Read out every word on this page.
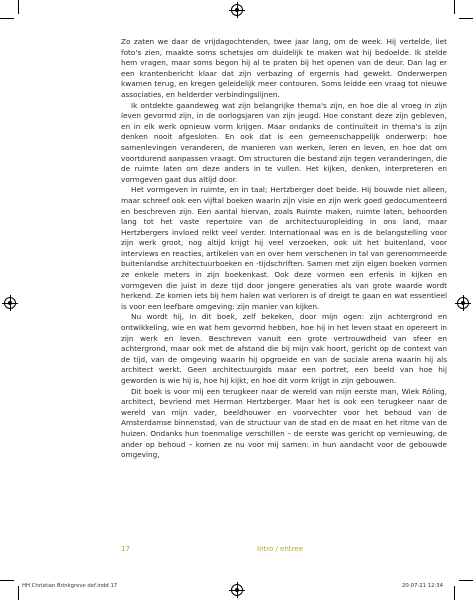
Zo zaten we daar de vrijdagochtenden, twee jaar lang, om de week. Hij vertelde, liet foto's zien, maakte soms schetsjes om duidelijk te maken wat hij bedoelde. Ik stelde hem vragen, maar soms begon hij al te praten bij het openen van de deur. Dan lag er een krantenbericht klaar dat zijn verbazing of ergernis had gewekt. Onderwerpen kwamen terug, en kregen geleidelijk meer contouren. Soms leidde een vraag tot nieuwe associaties, en helderder verbindingslijnen.

Ik ontdekte gaandeweg wat zijn belangrijke thema's zijn, en hoe die al vroeg in zijn leven gevormd zijn, in de oorlogsjaren van zijn jeugd. Hoe constant deze zijn gebleven, en in elk werk opnieuw vorm krijgen. Maar ondanks de continuïteit in thema's is zijn denken nooit afgesloten. En ook dat is een gemeenschappelijk onderwerp: hoe samenlevingen veranderen, de manieren van werken, leren en leven, en hoe dat om voortdurend aanpassen vraagt. Om structuren die bestand zijn tegen veranderingen, die de ruimte laten om deze anders in te vullen. Het kijken, denken, interpreteren en vormgeven gaat dus altijd door.

Het vormgeven in ruimte, en in taal; Hertzberger doet beide. Hij bouwde niet alleen, maar schreef ook een vijftal boeken waarin zijn visie en zijn werk goed gedocumenteerd en beschreven zijn. Een aantal hiervan, zoals Ruimte maken, ruimte laten, behoorden lang tot het vaste repertoire van de architectuuropleiding in ons land, maar Hertzbergers invloed reikt veel verder. Internationaal was en is de belangstelling voor zijn werk groot, nog altijd krijgt hij veel verzoeken, ook uit het buitenland, voor interviews en reacties, artikelen van en over hem verschenen in tal van gerenommeerde buitenlandse architectuurboeken en -tijdschriften. Samen met zijn eigen boeken vormen ze enkele meters in zijn boekenkast. Ook deze vormen een erfenis in kijken en vormgeven die juist in deze tijd door jongere generaties als van grote waarde wordt herkend. Ze komen iets bij hem halen wat verloren is of dreigt te gaan en wat essentieel is voor een leefbare omgeving: zijn manier van kijken.

Nu wordt hij, in dit boek, zelf bekeken, door mijn ogen: zijn achtergrond en ontwikkeling, wie en wat hem gevormd hebben, hoe hij in het leven staat en opereert in zijn werk en leven. Beschreven vanuit een grote vertrouwdheid van sfeer en achtergrond, maar ook met de afstand die bij mijn vak hoort, gericht op de context van de tijd, van de omgeving waarin hij opgroeide en van de sociale arena waarin hij als architect werkt. Geen architectuurgids maar een portret, een beeld van hoe hij geworden is wie hij is, hoe hij kijkt, en hoe dit vorm krijgt in zijn gebouwen.

Dit boek is voor mij een terugkeer naar de wereld van mijn eerste man, Wiek Röling, architect, bevriend met Herman Hertzberger. Maar het is ook een terugkeer naar de wereld van mijn vader, beeldhouwer en voorvechter voor het behoud van de Amsterdamse binnenstad, van de structuur van de stad en de maat en het ritme van de huizen. Ondanks hun toenmalige verschillen – de eerste was gericht op vernieuwing, de ander op behoud – komen ze nu voor mij samen: in hun aandacht voor de gebouwde omgeving,

17	Intro / entree
HH Christian Brinkgreve def.indd 17	20-07-21 12:34
